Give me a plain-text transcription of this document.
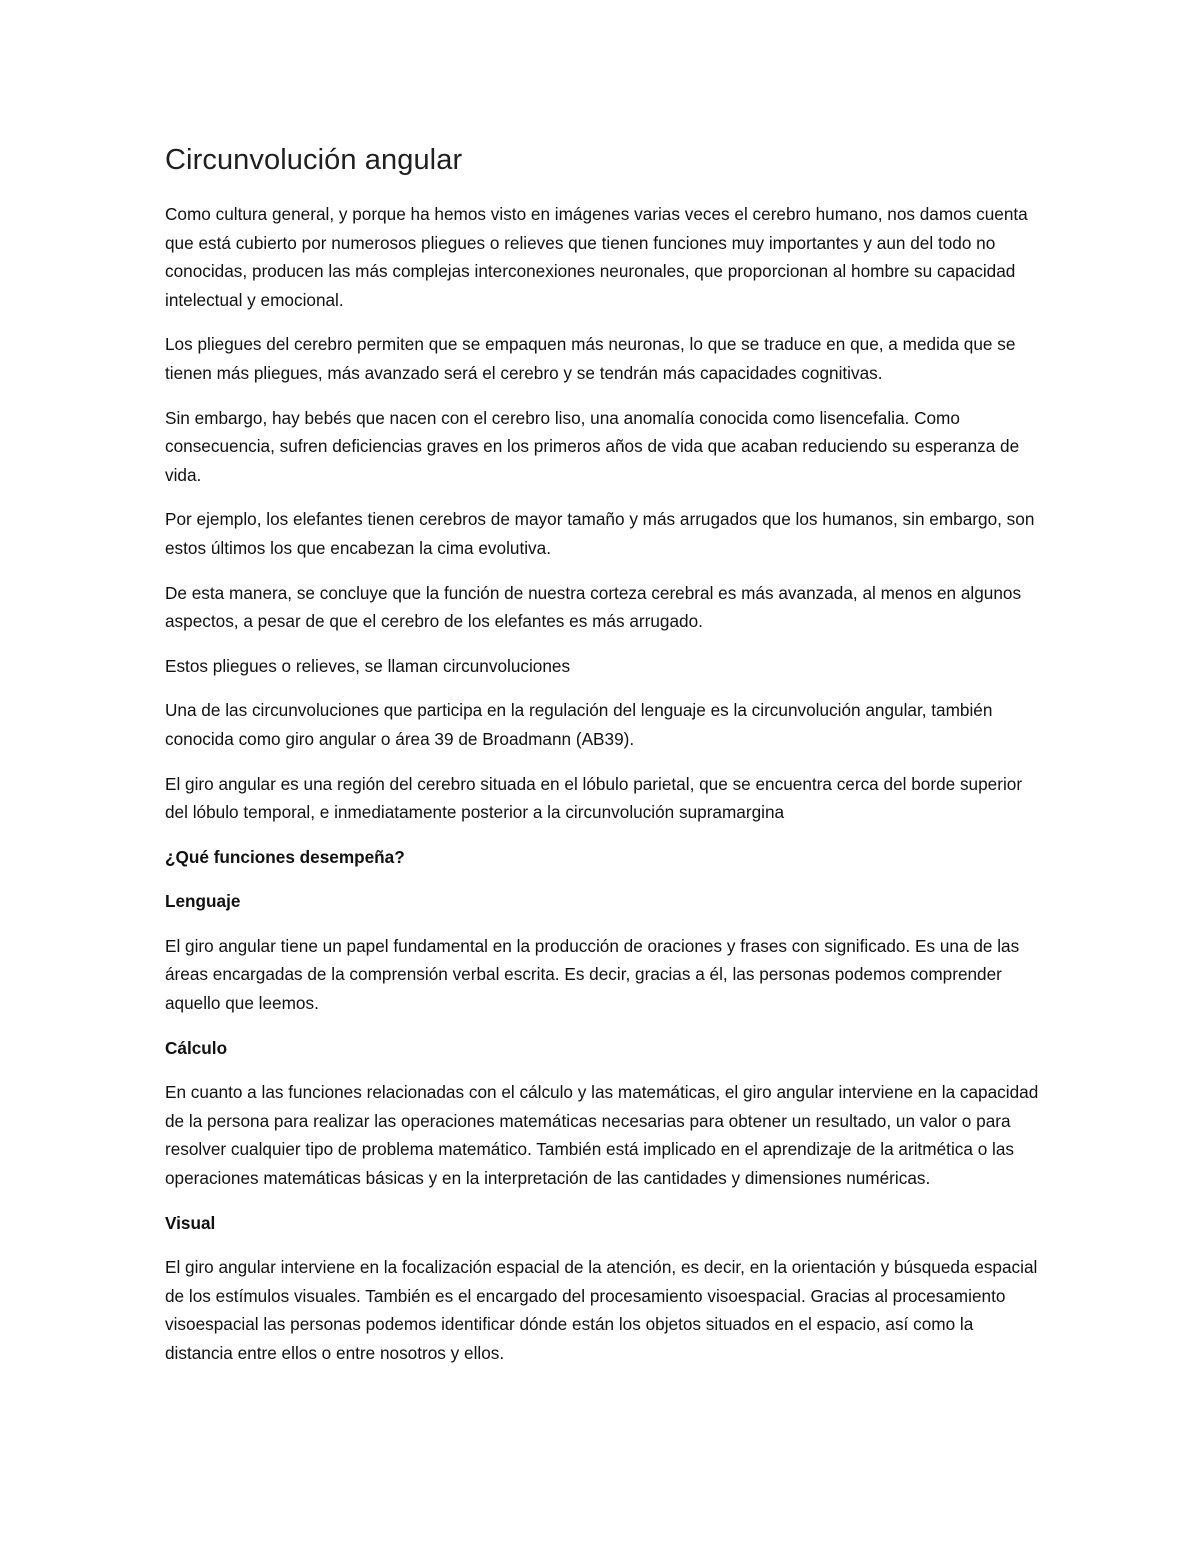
Circunvolución angular

Como cultura general, y porque ha hemos visto en imágenes varias veces el cerebro humano, nos damos cuenta que está cubierto por numerosos pliegues o relieves que tienen funciones muy importantes y aun del todo no conocidas, producen las más complejas interconexiones neuronales, que proporcionan al hombre su capacidad intelectual y emocional.

Los pliegues del cerebro permiten que se empaquen más neuronas, lo que se traduce en que, a medida que se tienen más pliegues, más avanzado será el cerebro y se tendrán más capacidades cognitivas.

Sin embargo, hay bebés que nacen con el cerebro liso, una anomalía conocida como lisencefalia. Como consecuencia, sufren deficiencias graves en los primeros años de vida que acaban reduciendo su esperanza de vida.

Por ejemplo, los elefantes tienen cerebros de mayor tamaño y más arrugados que los humanos, sin embargo, son estos últimos los que encabezan la cima evolutiva.

De esta manera, se concluye que la función de nuestra corteza cerebral es más avanzada, al menos en algunos aspectos, a pesar de que el cerebro de los elefantes es más arrugado.

Estos pliegues o relieves, se llaman circunvoluciones

Una de las circunvoluciones que participa en la regulación del lenguaje es la circunvolución angular, también conocida como giro angular o área 39 de Broadmann (AB39).

El giro angular es una región del cerebro situada en el lóbulo parietal, que se encuentra cerca del borde superior del lóbulo temporal, e inmediatamente posterior a la circunvolución supramargina

¿Qué funciones desempeña?

Lenguaje

El giro angular tiene un papel fundamental en la producción de oraciones y frases con significado. Es una de las áreas encargadas de la comprensión verbal escrita. Es decir, gracias a él, las personas podemos comprender aquello que leemos.

Cálculo

En cuanto a las funciones relacionadas con el cálculo y las matemáticas, el giro angular interviene en la capacidad de la persona para realizar las operaciones matemáticas necesarias para obtener un resultado, un valor o para resolver cualquier tipo de problema matemático. También está implicado en el aprendizaje de la aritmética o las operaciones matemáticas básicas y en la interpretación de las cantidades y dimensiones numéricas.

Visual

El giro angular interviene en la focalización espacial de la atención, es decir, en la orientación y búsqueda espacial de los estímulos visuales. También es el encargado del procesamiento visoespacial. Gracias al procesamiento visoespacial las personas podemos identificar dónde están los objetos situados en el espacio, así como la distancia entre ellos o entre nosotros y ellos.
